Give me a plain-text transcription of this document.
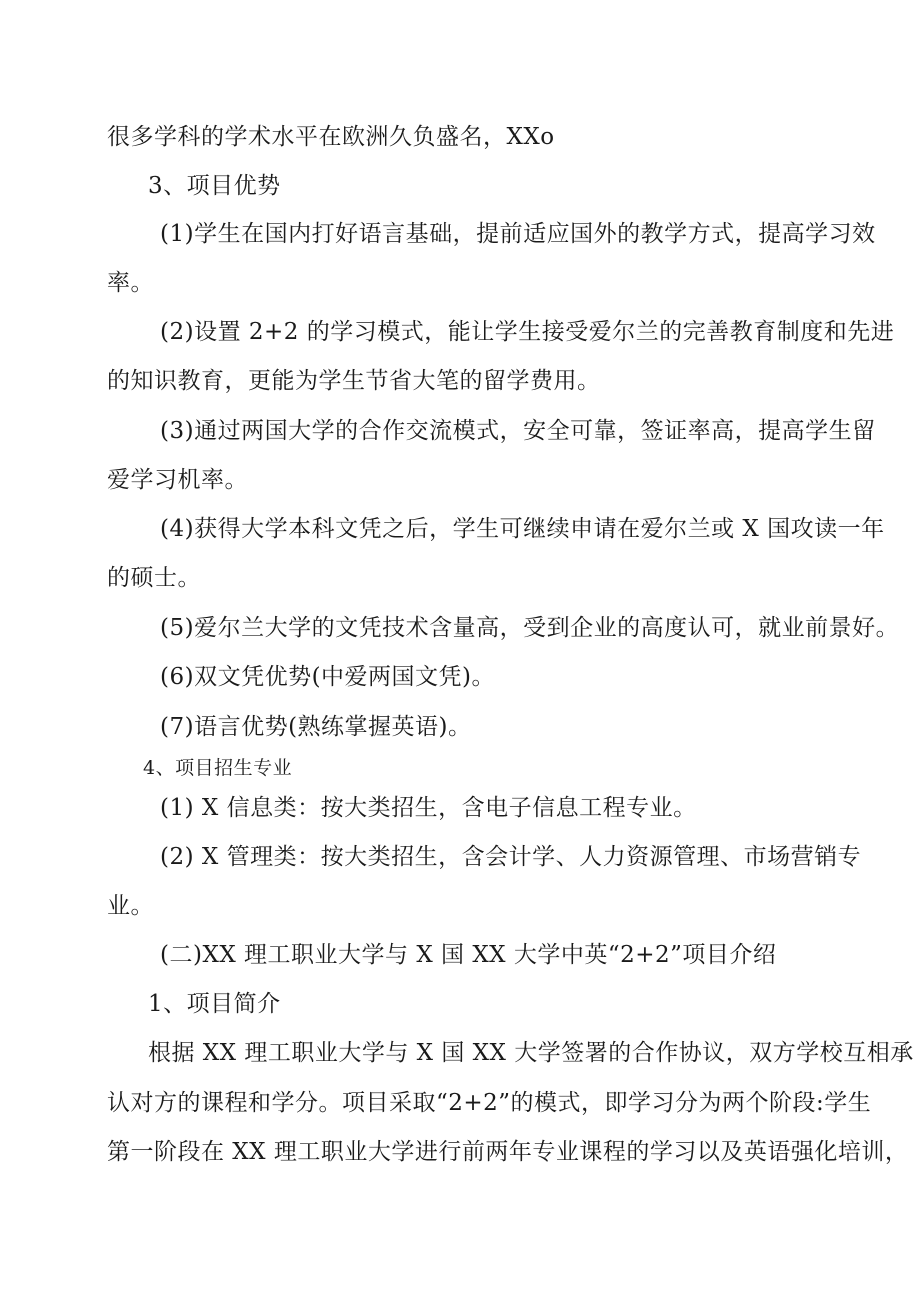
很多学科的学术水平在欧洲久负盛名，XXo
3、项目优势
(1)学生在国内打好语言基础，提前适应国外的教学方式，提高学习效
率。
(2)设置 2+2 的学习模式，能让学生接受爱尔兰的完善教育制度和先进
的知识教育，更能为学生节省大笔的留学费用。
(3)通过两国大学的合作交流模式，安全可靠，签证率高，提高学生留
爱学习机率。
(4)获得大学本科文凭之后，学生可继续申请在爱尔兰或 X 国攻读一年
的硕士。
(5)爱尔兰大学的文凭技术含量高，受到企业的高度认可，就业前景好。
(6)双文凭优势(中爱两国文凭)。
(7)语言优势(熟练掌握英语)。
4、项目招生专业
(1) X 信息类：按大类招生，含电子信息工程专业。
(2) X 管理类：按大类招生，含会计学、人力资源管理、市场营销专
业。
(二)XX 理工职业大学与 X 国 XX 大学中英“2+2”项目介绍
1、项目简介
根据 XX 理工职业大学与 X 国 XX 大学签署的合作协议，双方学校互相承
认对方的课程和学分。项目采取“2+2”的模式，即学习分为两个阶段:学生
第一阶段在 XX 理工职业大学进行前两年专业课程的学习以及英语强化培训，
